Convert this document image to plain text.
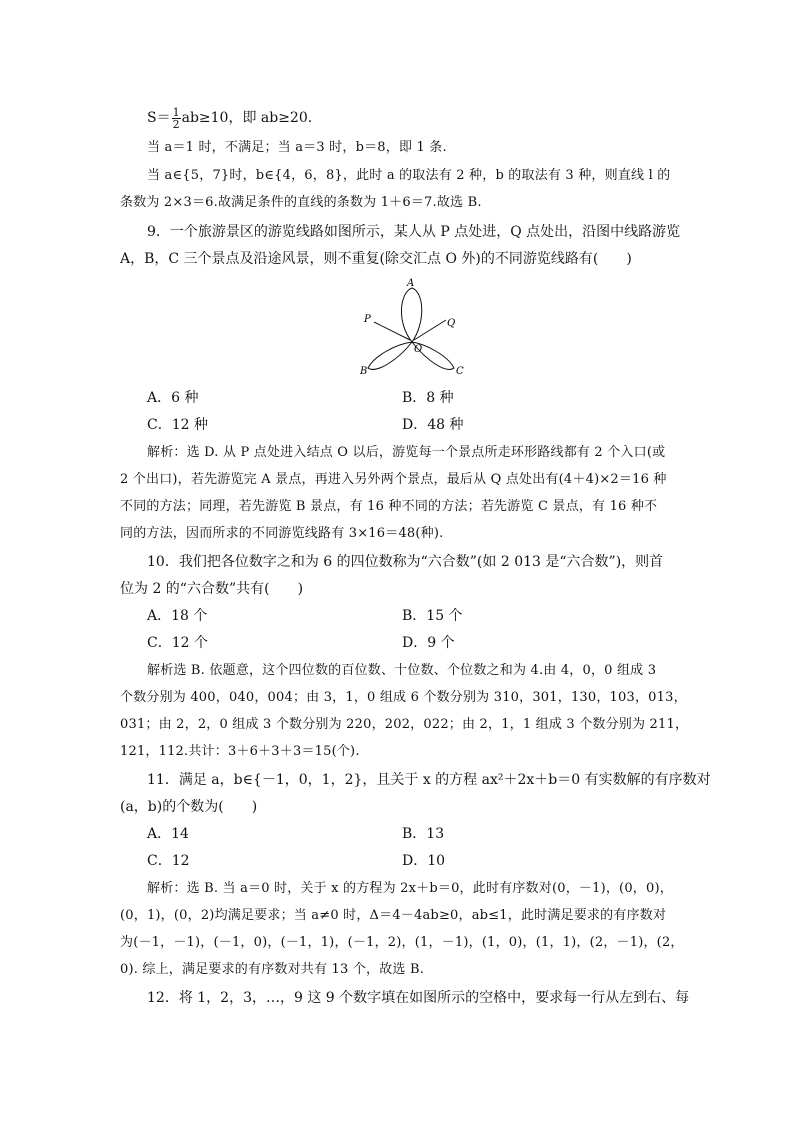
$S= \frac{1}{2} ab\ge 10$，即 ab≥20.
当 a＝1 时，不满足；当 a＝3 时，b＝8，即 1 条.
当 a∈{5，7}时，b∈{4，6，8}，此时 a 的取法有 2 种，b 的取法有 3 种，则直线 l 的
条数为 2×3＝6.故满足条件的直线的条数为 1＋6＝7.故选 B.
9．一个旅游景区的游览线路如图所示，某人从 P 点处进，Q 点处出，沿图中线路游览
A，B，C 三个景点及沿途风景，则不重复(除交汇点 O 外)的不同游览线路有(　　)
A
P	Q
O
B	C
A．6 种	B．8 种
C．12 种	D．48 种
解析：选 D. 从 P 点处进入结点 O 以后，游览每一个景点所走环形路线都有 2 个入口(或
2 个出口)，若先游览完 A 景点，再进入另外两个景点，最后从 Q 点处出有(4＋4)×2＝16 种
不同的方法；同理，若先游览 B 景点，有 16 种不同的方法；若先游览 C 景点，有 16 种不
同的方法，因而所求的不同游览线路有 3×16＝48(种).
10．我们把各位数字之和为 6 的四位数称为“六合数”(如 2 013 是“六合数”)，则首
位为 2 的“六合数”共有(　　)
A．18 个	B．15 个
C．12 个	D．9 个
解析选 B. 依题意，这个四位数的百位数、十位数、个位数之和为 4.由 4，0，0 组成 3
个数分别为 400，040，004；由 3，1，0 组成 6 个数分别为 310，301，130，103，013，
031；由 2，2，0 组成 3 个数分别为 220，202，022；由 2，1，1 组成 3 个数分别为 211，
121，112.共计：3＋6＋3＋3＝15(个).
11．满足 a，b∈{－1，0，1，2}，且关于 x 的方程 ax²＋2x＋b＝0 有实数解的有序数对
(a，b)的个数为(　　)
A．14	B．13
C．12	D．10
解析：选 B. 当 a＝0 时，关于 x 的方程为 2x＋b＝0，此时有序数对(0，－1)，(0，0)，
(0，1)，(0，2)均满足要求；当 a≠0 时，Δ＝4－4ab≥0，ab≤1，此时满足要求的有序数对
为(－1，－1)，(－1，0)，(－1，1)，(－1，2)，(1，－1)，(1，0)，(1，1)，(2，－1)，(2，
0). 综上，满足要求的有序数对共有 13 个，故选 B.
12．将 1，2，3，…，9 这 9 个数字填在如图所示的空格中，要求每一行从左到右、每
